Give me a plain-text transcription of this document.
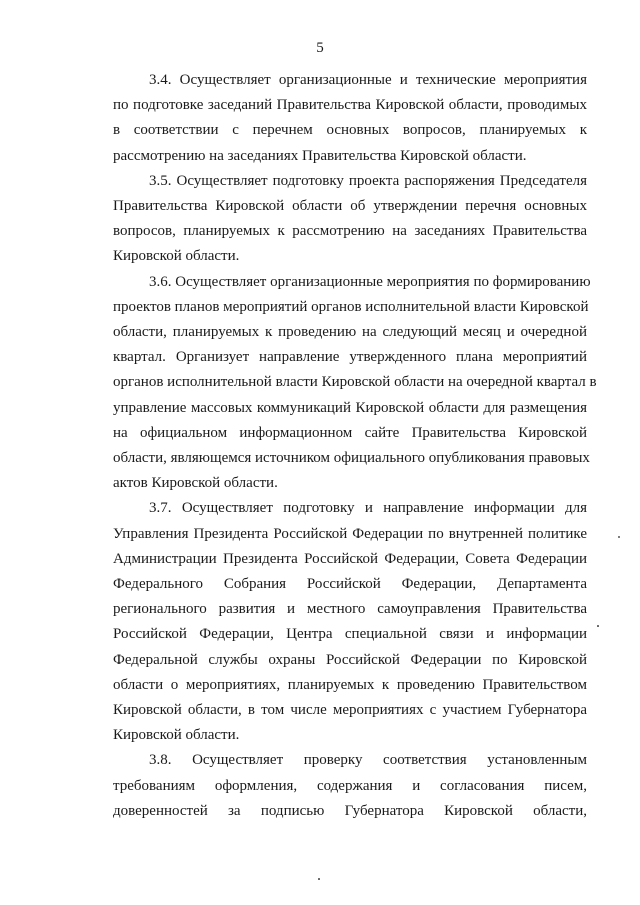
5
3.4. Осуществляет организационные и технические мероприятия
по подготовке заседаний Правительства Кировской области, проводимых
в соответствии с перечнем основных вопросов, планируемых к
рассмотрению на заседаниях Правительства Кировской области.
3.5. Осуществляет подготовку проекта распоряжения Председателя
Правительства Кировской области об утверждении перечня основных
вопросов, планируемых к рассмотрению на заседаниях Правительства
Кировской области.
3.6. Осуществляет организационные мероприятия по формированию
проектов планов мероприятий органов исполнительной власти Кировской
области, планируемых к проведению на следующий месяц и очередной
квартал. Организует направление утвержденного плана мероприятий
органов исполнительной власти Кировской области на очередной квартал в
управление массовых коммуникаций Кировской области для размещения
на официальном информационном сайте Правительства Кировской
области, являющемся источником официального опубликования правовых
актов Кировской области.
3.7. Осуществляет подготовку и направление информации для
Управления Президента Российской Федерации по внутренней политике
Администрации Президента Российской Федерации, Совета Федерации
Федерального Собрания Российской Федерации, Департамента
регионального развития и местного самоуправления Правительства
Российской Федерации, Центра специальной связи и информации
Федеральной службы охраны Российской Федерации по Кировской
области о мероприятиях, планируемых к проведению Правительством
Кировской области, в том числе мероприятиях с участием Губернатора
Кировской области.
3.8. Осуществляет проверку соответствия установленным
требованиям оформления, содержания и согласования писем,
доверенностей за подписью Губернатора Кировской области,
